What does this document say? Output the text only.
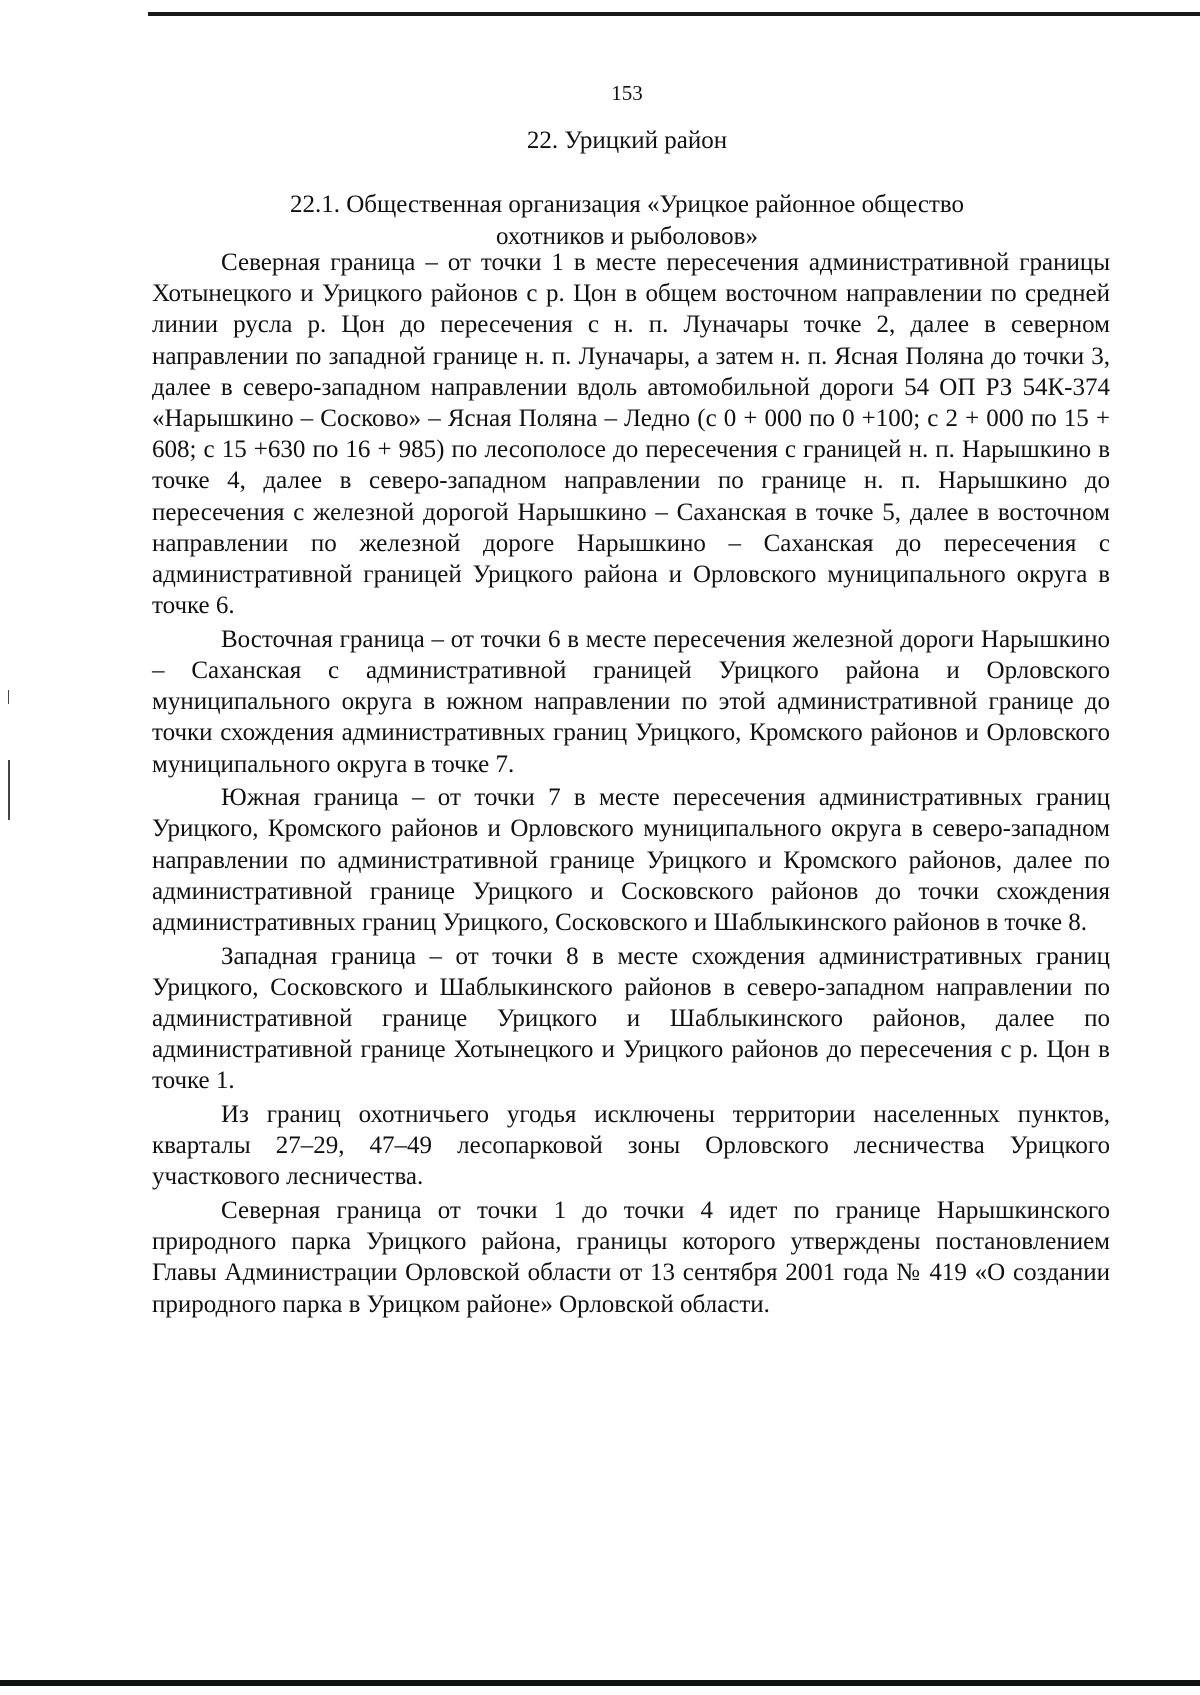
153
22. Урицкий район
22.1. Общественная организация «Урицкое районное общество
охотников и рыболовов»

Северная граница – от точки 1 в месте пересечения административной границы Хотынецкого и Урицкого районов с р. Цон в общем восточном направлении по средней линии русла р. Цон до пересечения с н. п. Луначары точке 2, далее в северном направлении по западной границе н. п. Луначары, а затем н. п. Ясная Поляна до точки 3, далее в северо-западном направлении вдоль автомобильной дороги 54 ОП РЗ 54К-374 «Нарышкино – Сосково» – Ясная Поляна – Ледно (с 0 + 000 по 0 +100; с 2 + 000 по 15 + 608; с 15 +630 по 16 + 985) по лесополосе до пересечения с границей н. п. Нарышкино в точке 4, далее в северо-западном направлении по границе н. п. Нарышкино до пересечения с железной дорогой Нарышкино – Саханская в точке 5, далее в восточном направлении по железной дороге Нарышкино – Саханская до пересечения с административной границей Урицкого района и Орловского муниципального округа в точке 6.

Восточная граница – от точки 6 в месте пересечения железной дороги Нарышкино – Саханская с административной границей Урицкого района и Орловского муниципального округа в южном направлении по этой административной границе до точки схождения административных границ Урицкого, Кромского районов и Орловского муниципального округа в точке 7.

Южная граница – от точки 7 в месте пересечения административных границ Урицкого, Кромского районов и Орловского муниципального округа в северо-западном направлении по административной границе Урицкого и Кромского районов, далее по административной границе Урицкого и Сосковского районов до точки схождения административных границ Урицкого, Сосковского и Шаблыкинского районов в точке 8.

Западная граница – от точки 8 в месте схождения административных границ Урицкого, Сосковского и Шаблыкинского районов в северо-западном направлении по административной границе Урицкого и Шаблыкинского районов, далее по административной границе Хотынецкого и Урицкого районов до пересечения с р. Цон в точке 1.

Из границ охотничьего угодья исключены территории населенных пунктов, кварталы 27–29, 47–49 лесопарковой зоны Орловского лесничества Урицкого участкового лесничества.

Северная граница от точки 1 до точки 4 идет по границе Нарышкинского природного парка Урицкого района, границы которого утверждены постановлением Главы Администрации Орловской области от 13 сентября 2001 года № 419 «О создании природного парка в Урицком районе» Орловской области.
